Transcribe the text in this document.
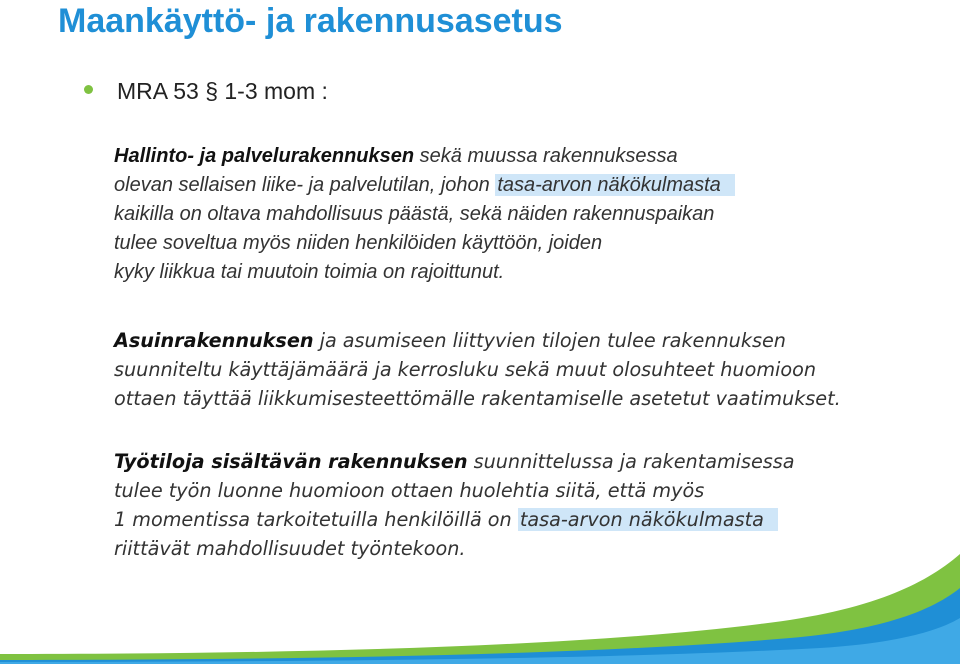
Maankäyttö- ja rakennusasetus
MRA 53 § 1-3 mom :
Hallinto- ja palvelurakennuksen sekä muussa rakennuksessa
olevan sellaisen liike- ja palvelutilan, johon tasa-arvon näkökulmasta
kaikilla on oltava mahdollisuus päästä, sekä näiden rakennuspaikan
tulee soveltua myös niiden henkilöiden käyttöön, joiden
kyky liikkua tai muutoin toimia on rajoittunut.
Asuinrakennuksen ja asumiseen liittyvien tilojen tulee rakennuksen
suunniteltu käyttäjämäärä ja kerrosluku sekä muut olosuhteet huomioon
ottaen täyttää liikkumisesteettömälle rakentamiselle asetetut vaatimukset.
Työtiloja sisältävän rakennuksen suunnittelussa ja rakentamisessa
tulee työn luonne huomioon ottaen huolehtia siitä, että myös
1 momentissa tarkoitetuilla henkilöillä on tasa-arvon näkökulmasta
riittävät mahdollisuudet työntekoon.
